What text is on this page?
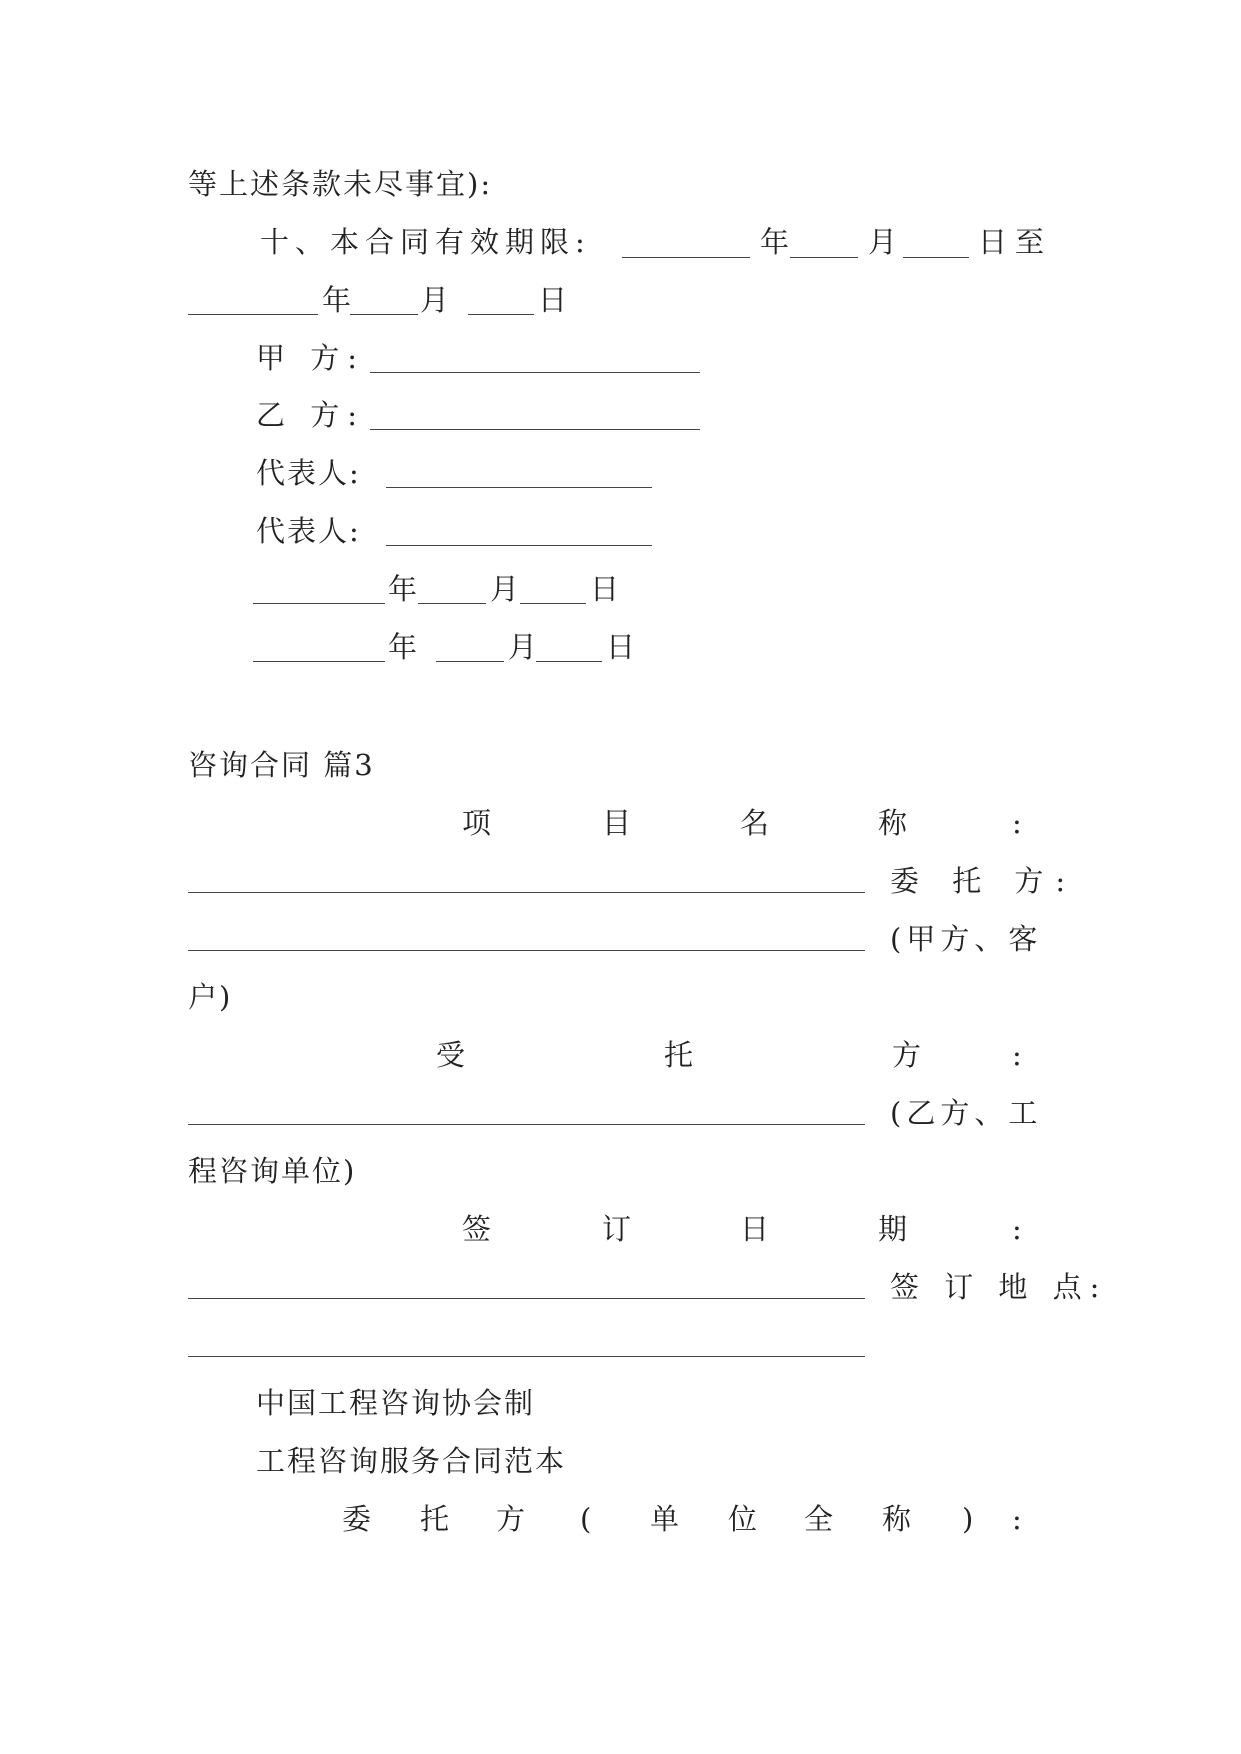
等上述条款未尽事宜):
十、本合同有效期限:	年	月	日至
年 月	日
甲 方:
乙 方:
代表人:
代表人:
年 月 日
年	月 日
咨询合同 篇3
项	目	名	称	:
委 托 方:
(甲方、客
户)
受	托	方	:
(乙方、工
程咨询单位)
签	订	日	期	:
签 订 地 点:
中国工程咨询协会制
工程咨询服务合同范本
委 托 方 ( 单 位 全 称 ) :
